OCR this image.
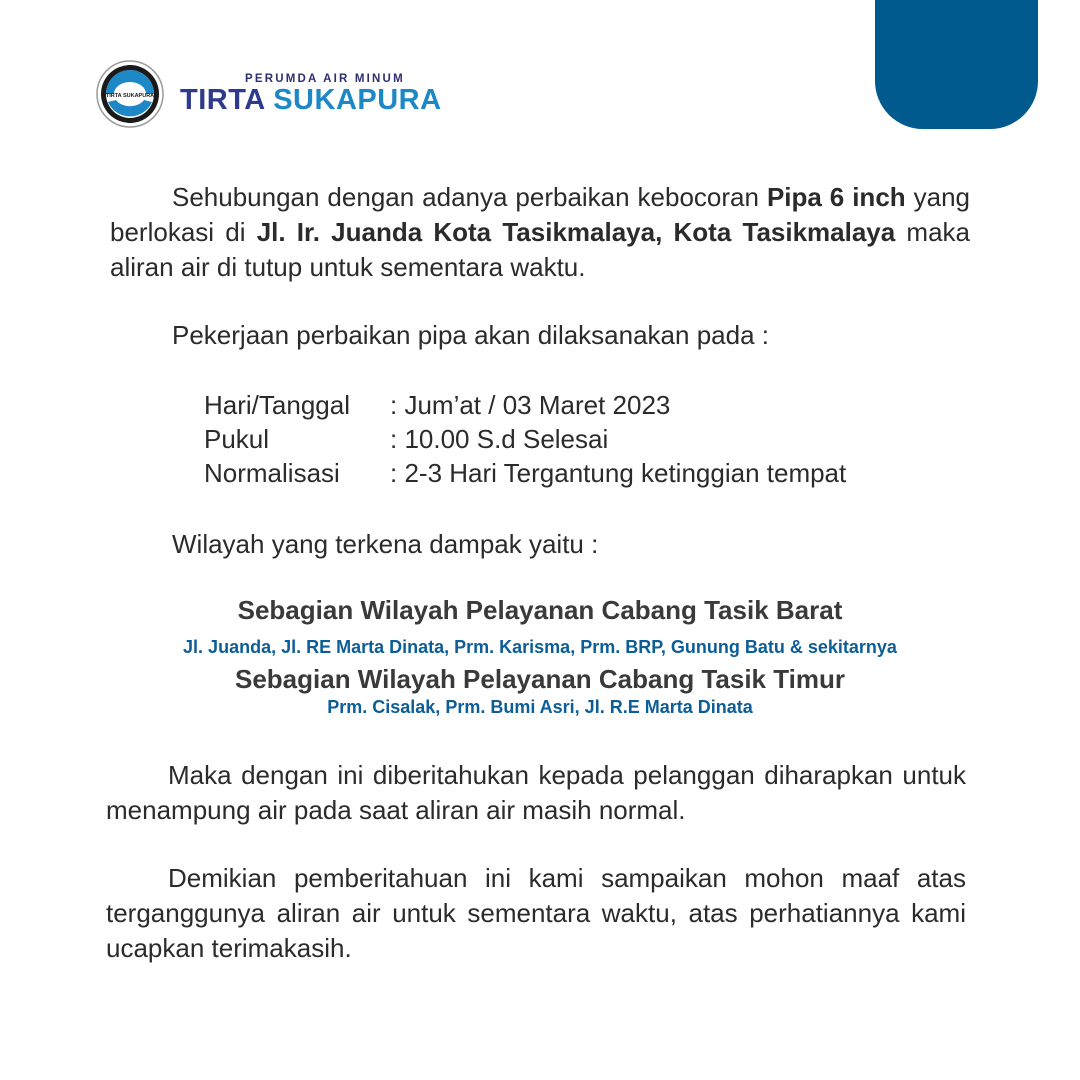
TIRTA SUKAPURA
PERUMDA AIR MINUM
TIRTA SUKAPURA
Sehubungan dengan adanya perbaikan kebocoran Pipa 6 inch yang berlokasi di Jl. Ir. Juanda Kota Tasikmalaya, Kota Tasikmalaya maka aliran air di tutup untuk sementara waktu.
Pekerjaan perbaikan pipa akan dilaksanakan pada :
Hari/Tanggal	: Jum’at / 03 Maret 2023
Pukul	: 10.00 S.d Selesai
Normalisasi	: 2-3 Hari Tergantung ketinggian tempat
Wilayah yang terkena dampak yaitu :
Sebagian Wilayah Pelayanan Cabang Tasik Barat
Jl. Juanda, Jl. RE Marta Dinata, Prm. Karisma, Prm. BRP, Gunung Batu & sekitarnya
Sebagian Wilayah Pelayanan Cabang Tasik Timur
Prm. Cisalak, Prm. Bumi Asri, Jl. R.E Marta Dinata
Maka dengan ini diberitahukan kepada pelanggan diharapkan untuk menampung air pada saat aliran air masih normal.
Demikian pemberitahuan ini kami sampaikan mohon maaf atas terganggunya aliran air untuk sementara waktu, atas perhatiannya kami ucapkan terimakasih.
